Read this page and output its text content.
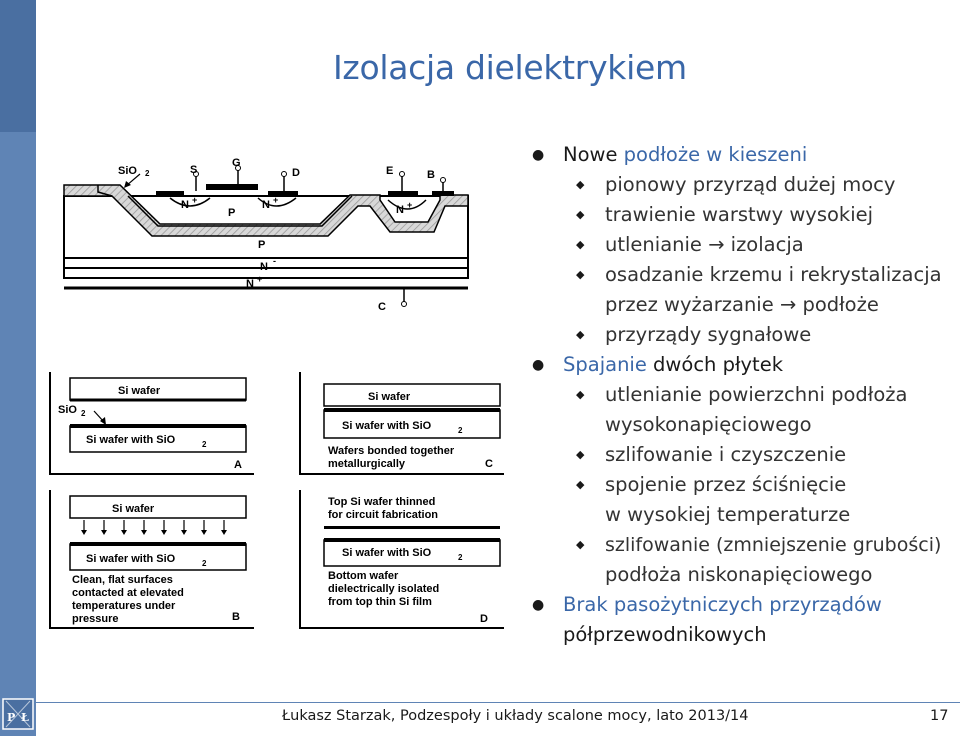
P Ł
Izolacja dielektrykiem
SiO 2	S
G
D	E	B
C
N +	N +
N +
P
P
N -
N +
Si wafer
SiO 2
Si wafer with SiO	2
A
Si wafer
Si wafer with SiO	2
Wafers bonded together
metallurgically	C
Si wafer
Si wafer with SiO	2
Clean, flat surfaces
contacted at elevated
temperatures under
pressure	B
Top Si wafer thinned
for circuit fabrication
Si wafer with SiO	2
Bottom wafer
dielectrically isolated
from top thin Si film
D
● Nowe podłoże w kieszeni
◆ pionowy przyrząd dużej mocy
◆ trawienie warstwy wysokiej
◆ utlenianie → izolacja
◆ osadzanie krzemu i rekrystalizacja
przez wyżarzanie → podłoże
◆ przyrządy sygnałowe
● Spajanie dwóch płytek
◆ utlenianie powierzchni podłoża
wysokonapięciowego
◆ szlifowanie i czyszczenie
◆ spojenie przez ściśnięcie
w wysokiej temperaturze
◆ szlifowanie (zmniejszenie grubości)
podłoża niskonapięciowego
● Brak pasożytniczych przyrządów
półprzewodnikowych
Łukasz Starzak, Podzespoły i układy scalone mocy, lato 2013/14	17
